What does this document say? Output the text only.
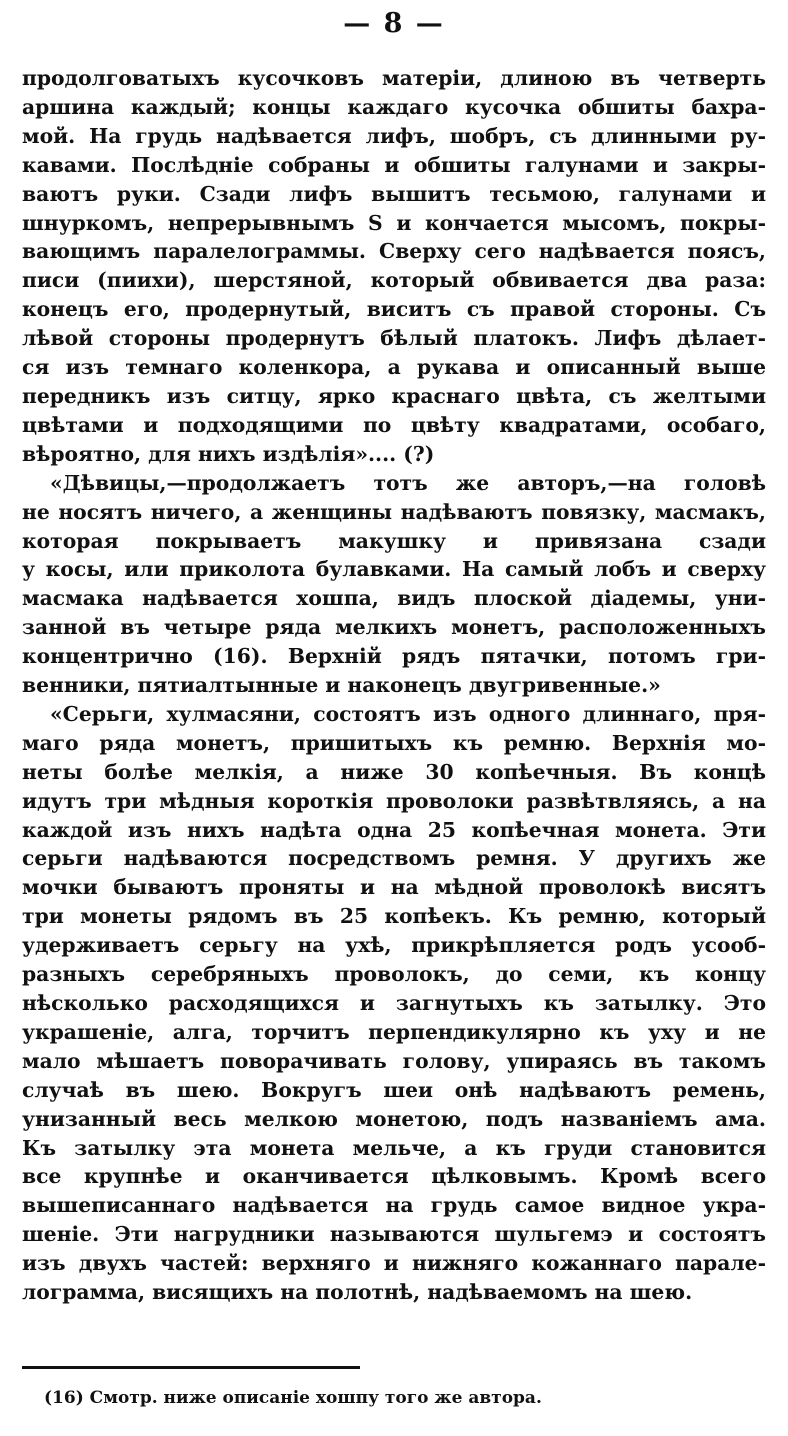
— 8 —
продолговатыхъ кусочковъ матеріи, длиною въ четверть
аршина каждый; концы каждаго кусочка обшиты бахра-
мой. На грудь надѣвается лифъ, шобръ, съ длинными ру-
кавами. Послѣдніе собраны и обшиты галунами и закры-
ваютъ руки. Сзади лифъ вышитъ тесьмою, галунами и
шнуркомъ, непрерывнымъ S и кончается мысомъ, покры-
вающимъ паралелограммы. Сверху сего надѣвается поясъ,
писи (пиихи), шерстяной, который обвивается два раза:
конецъ его, продернутый, виситъ съ правой стороны. Съ
лѣвой стороны продернутъ бѣлый платокъ. Лифъ дѣлает-
ся изъ темнаго коленкора, а рукава и описанный выше
передникъ изъ ситцу, ярко краснаго цвѣта, съ желтыми
цвѣтами и подходящими по цвѣту квадратами, особаго,
вѣроятно, для нихъ издѣлія».... (?)
«Дѣвицы,—продолжаетъ тотъ же авторъ,—на головѣ
не носятъ ничего, а женщины надѣваютъ повязку, масмакъ,
которая покрываетъ макушку и привязана сзади
у косы, или приколота булавками. На самый лобъ и сверху
масмака надѣвается хошпа, видъ плоской діадемы, уни-
занной въ четыре ряда мелкихъ монетъ, расположенныхъ
концентрично (16). Верхній рядъ пятачки, потомъ гри-
венники, пятиалтынные и наконецъ двугривенные.»
«Серьги, хулмасяни, состоятъ изъ одного длиннаго, пря-
маго ряда монетъ, пришитыхъ къ ремню. Верхнія мо-
неты болѣе мелкія, а ниже 30 копѣечныя. Въ концѣ
идутъ три мѣдныя короткія проволоки развѣтвляясь, а на
каждой изъ нихъ надѣта одна 25 копѣечная монета. Эти
серьги надѣваются посредствомъ ремня. У другихъ же
мочки бываютъ проняты и на мѣдной проволокѣ висятъ
три монеты рядомъ въ 25 копѣекъ. Къ ремню, который
удерживаетъ серьгу на ухѣ, прикрѣпляется родъ усооб-
разныхъ серебряныхъ проволокъ, до семи, къ концу
нѣсколько расходящихся и загнутыхъ къ затылку. Это
украшеніе, алга, торчитъ перпендикулярно къ уху и не
мало мѣшаетъ поворачивать голову, упираясь въ такомъ
случаѣ въ шею. Вокругъ шеи онѣ надѣваютъ ремень,
унизанный весь мелкою монетою, подъ названіемъ ама.
Къ затылку эта монета мельче, а къ груди становится
все крупнѣе и оканчивается цѣлковымъ. Кромѣ всего
вышеписаннаго надѣвается на грудь самое видное укра-
шеніе. Эти нагрудники называются шульгемэ и состоятъ
изъ двухъ частей: верхняго и нижняго кожаннаго парале-
лограмма, висящихъ на полотнѣ, надѣваемомъ на шею.
(16) Смотр. ниже описаніе хошпу того же автора.
